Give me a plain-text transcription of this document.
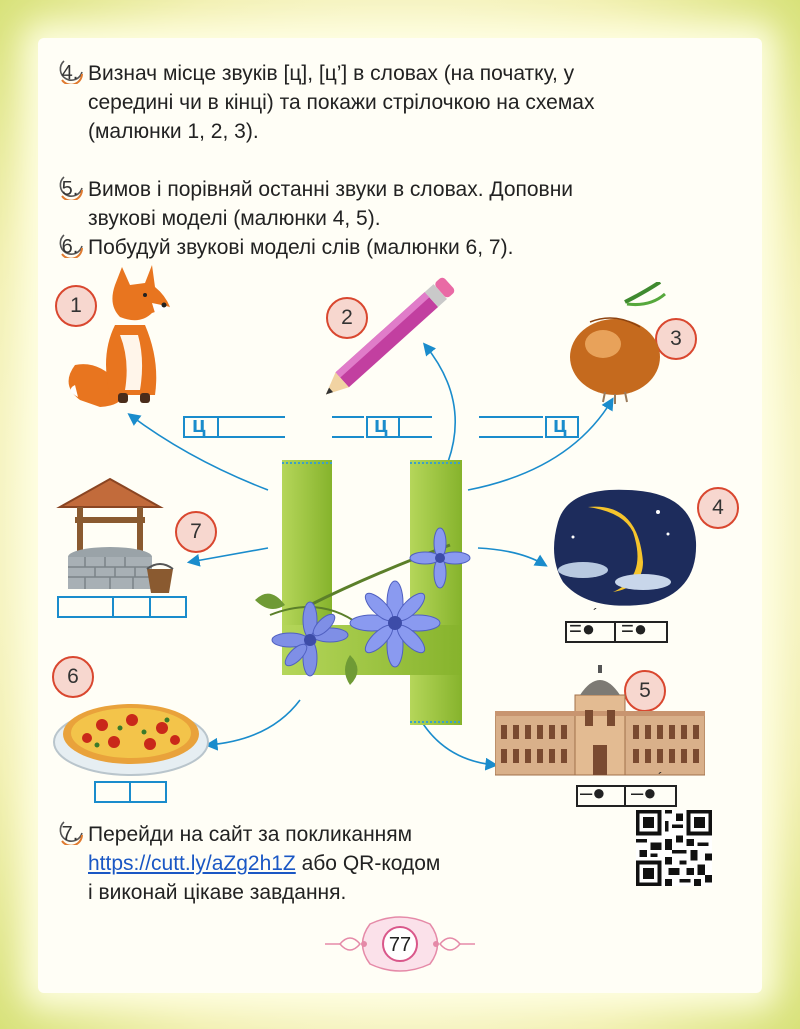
4. Визнач місце звуків [ц], [ц’] в словах (на початку, у
середині чи в кінці) та покажи стрілочкою на схемах
(малюнки 1, 2, 3).
5. Вимов і порівняй останні звуки в словах. Доповни
звукові моделі (малюнки 4, 5).
6. Побудуй звукові моделі слів (малюнки 6, 7).
1
2
3
ц	ц	ц
7
4
=● =●
´
6
5
–● –●
´
7. Перейди на сайт за покликанням
https://cutt.ly/aZg2h1Z або QR-кодом
і виконай цікаве завдання.
77
